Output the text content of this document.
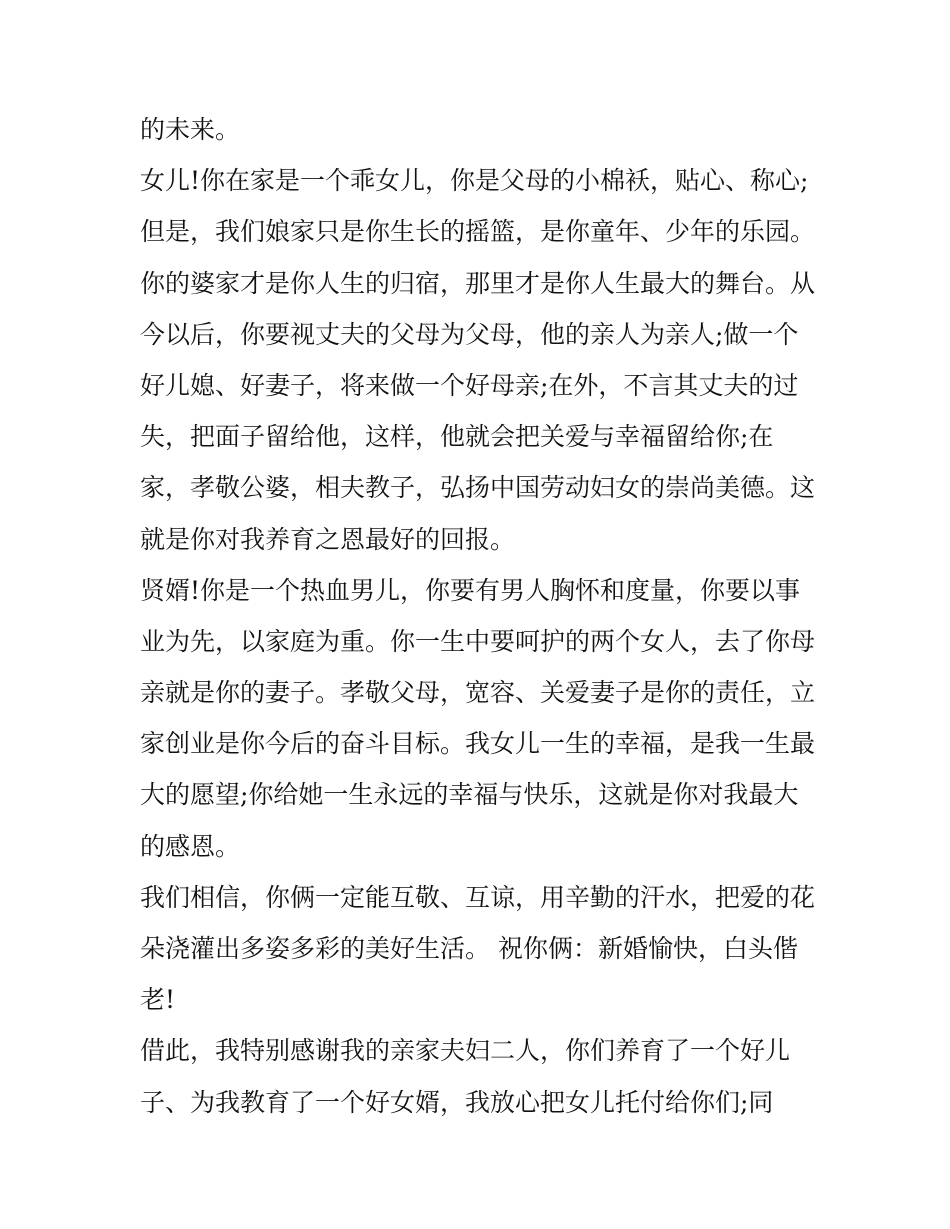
的未来。
女儿!你在家是一个乖女儿，你是父母的小棉袄，贴心、称心;
但是，我们娘家只是你生长的摇篮，是你童年、少年的乐园。
你的婆家才是你人生的归宿，那里才是你人生最大的舞台。从
今以后，你要视丈夫的父母为父母，他的亲人为亲人;做一个
好儿媳、好妻子，将来做一个好母亲;在外，不言其丈夫的过
失，把面子留给他，这样，他就会把关爱与幸福留给你;在
家，孝敬公婆，相夫教子，弘扬中国劳动妇女的崇尚美德。这
就是你对我养育之恩最好的回报。
贤婿!你是一个热血男儿，你要有男人胸怀和度量，你要以事
业为先，以家庭为重。你一生中要呵护的两个女人，去了你母
亲就是你的妻子。孝敬父母，宽容、关爱妻子是你的责任，立
家创业是你今后的奋斗目标。我女儿一生的幸福，是我一生最
大的愿望;你给她一生永远的幸福与快乐，这就是你对我最大
的感恩。
我们相信，你俩一定能互敬、互谅，用辛勤的汗水，把爱的花
朵浇灌出多姿多彩的美好生活。 祝你俩：新婚愉快，白头偕
老!
借此，我特别感谢我的亲家夫妇二人，你们养育了一个好儿
子、为我教育了一个好女婿，我放心把女儿托付给你们;同
